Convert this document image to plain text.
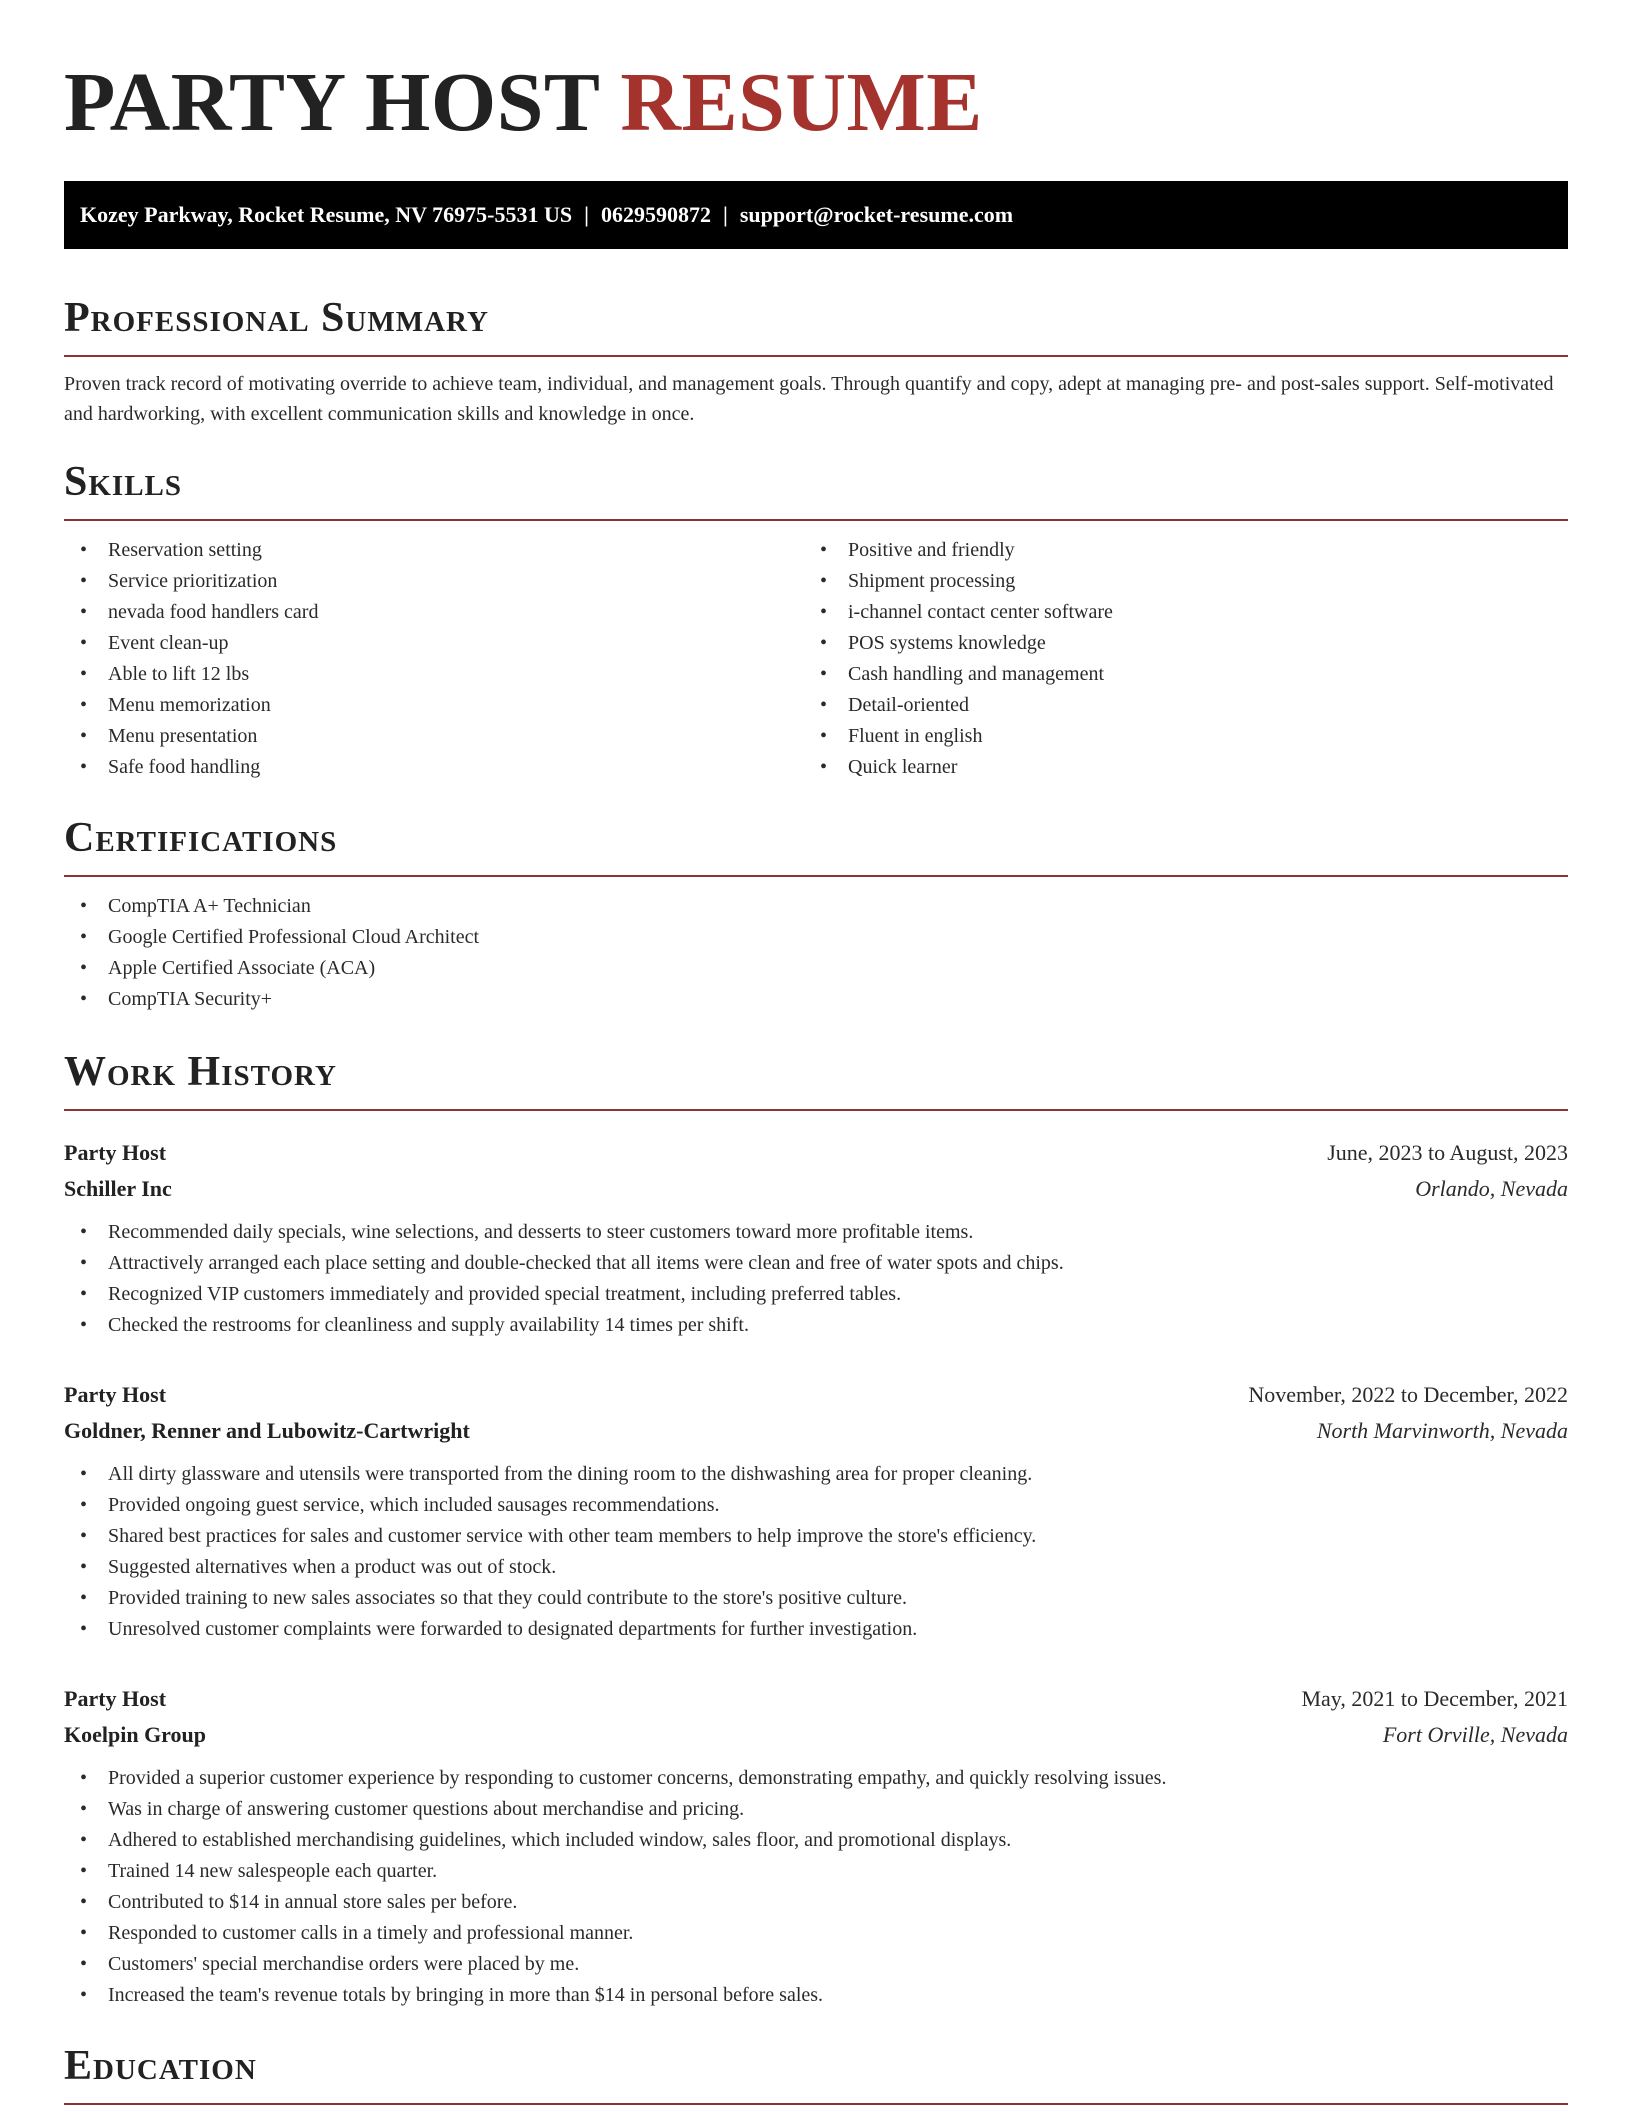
PARTY HOST RESUME
Kozey Parkway, Rocket Resume, NV 76975-5531 US | 0629590872 | support@rocket-resume.com
Professional Summary

Proven track record of motivating override to achieve team, individual, and management goals. Through quantify and copy, adept at managing pre- and post-sales support. Self-motivated and hardworking, with excellent communication skills and knowledge in once.

Skills
• Reservation setting
• Service prioritization
• nevada food handlers card
• Event clean-up
• Able to lift 12 lbs
• Menu memorization
• Menu presentation
• Safe food handling
• Positive and friendly
• Shipment processing
• i-channel contact center software
• POS systems knowledge
• Cash handling and management
• Detail-oriented
• Fluent in english
• Quick learner
Certifications
• CompTIA A+ Technician
• Google Certified Professional Cloud Architect
• Apple Certified Associate (ACA)
• CompTIA Security+
Work History
Party Host	June, 2023 to August, 2023
Schiller Inc	Orlando, Nevada
• Recommended daily specials, wine selections, and desserts to steer customers toward more profitable items.
• Attractively arranged each place setting and double-checked that all items were clean and free of water spots and chips.
• Recognized VIP customers immediately and provided special treatment, including preferred tables.
• Checked the restrooms for cleanliness and supply availability 14 times per shift.
Party Host	November, 2022 to December, 2022
Goldner, Renner and Lubowitz-Cartwright	North Marvinworth, Nevada
• All dirty glassware and utensils were transported from the dining room to the dishwashing area for proper cleaning.
• Provided ongoing guest service, which included sausages recommendations.
• Shared best practices for sales and customer service with other team members to help improve the store's efficiency.
• Suggested alternatives when a product was out of stock.
• Provided training to new sales associates so that they could contribute to the store's positive culture.
• Unresolved customer complaints were forwarded to designated departments for further investigation.
Party Host	May, 2021 to December, 2021
Koelpin Group	Fort Orville, Nevada
• Provided a superior customer experience by responding to customer concerns, demonstrating empathy, and quickly resolving issues.
• Was in charge of answering customer questions about merchandise and pricing.
• Adhered to established merchandising guidelines, which included window, sales floor, and promotional displays.
• Trained 14 new salespeople each quarter.
• Contributed to $14 in annual store sales per before.
• Responded to customer calls in a timely and professional manner.
• Customers' special merchandise orders were placed by me.
• Increased the team's revenue totals by bringing in more than $14 in personal before sales.
Education
